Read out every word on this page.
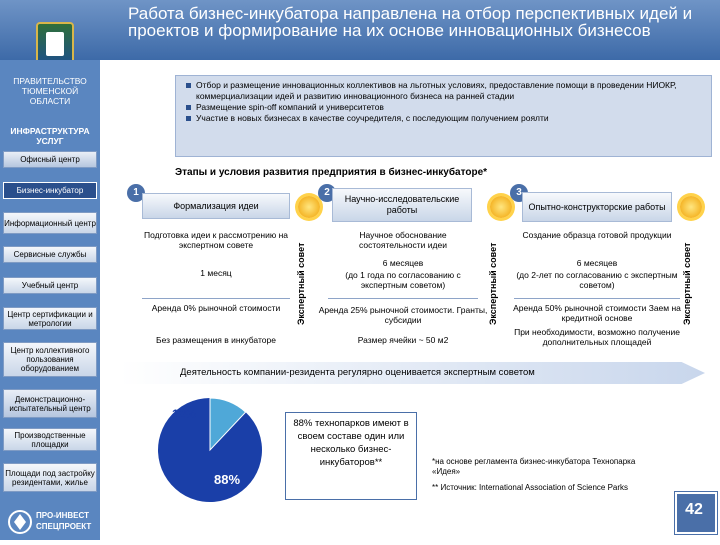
Работа бизнес-инкубатора направлена на отбор перспективных идей и проектов и формирование на их основе инновационных бизнесов
ПРАВИТЕЛЬСТВО ТЮМЕНСКОЙ ОБЛАСТИ
ИНФРАСТРУКТУРА УСЛУГ
Офисный центр
Бизнес-инкубатор
Информационный центр
Сервисные службы
Учебный центр
Центр сертификации и метрологии
Центр коллективного пользования оборудованием
Демонстрационно-испытательный центр
Производственные площадки
Площади под застройку резидентами, жилье
ПРО-ИНВЕСТ
СПЕЦПРОЕКТ
Отбор и размещение инновационных коллективов на льготных условиях, предоставление помощи в проведении НИОКР, коммерциализации идей и развитию инновационного бизнеса на ранней стадии
Размещение spin-off компаний и университетов
Участие в новых бизнесах в качестве соучредителя, с последующим получением роялти
Этапы и условия развития предприятия в бизнес-инкубаторе*
1
Формализация идеи
Подготовка идеи к рассмотрению на экспертном совете
1 месяц
Аренда 0% рыночной стоимости
Без размещения в инкубаторе
Экспертный совет
2
Научно-исследовательские работы
Научное обоснование состоятельности идеи
6 месяцев
(до 1 года по согласованию с экспертным советом)
Аренда 25% рыночной стоимости. Гранты, субсидии
Размер ячейки ~ 50 м2
Экспертный совет
3
Опытно-конструкторские работы
Создание образца готовой продукции
6 месяцев
(до 2-лет по согласованию с экспертным советом)
Аренда 50% рыночной стоимости Заем на кредитной основе
При необходимости, возможно получение дополнительных площадей
Экспертный совет
Деятельность компании-резидента регулярно оценивается экспертным советом
12%
88%
88% технопарков имеют в своем составе один или несколько бизнес-инкубаторов**	*на основе регламента бизнес-инкубатора Технопарка «Идея»
** Источник: International Association of Science Parks
42
